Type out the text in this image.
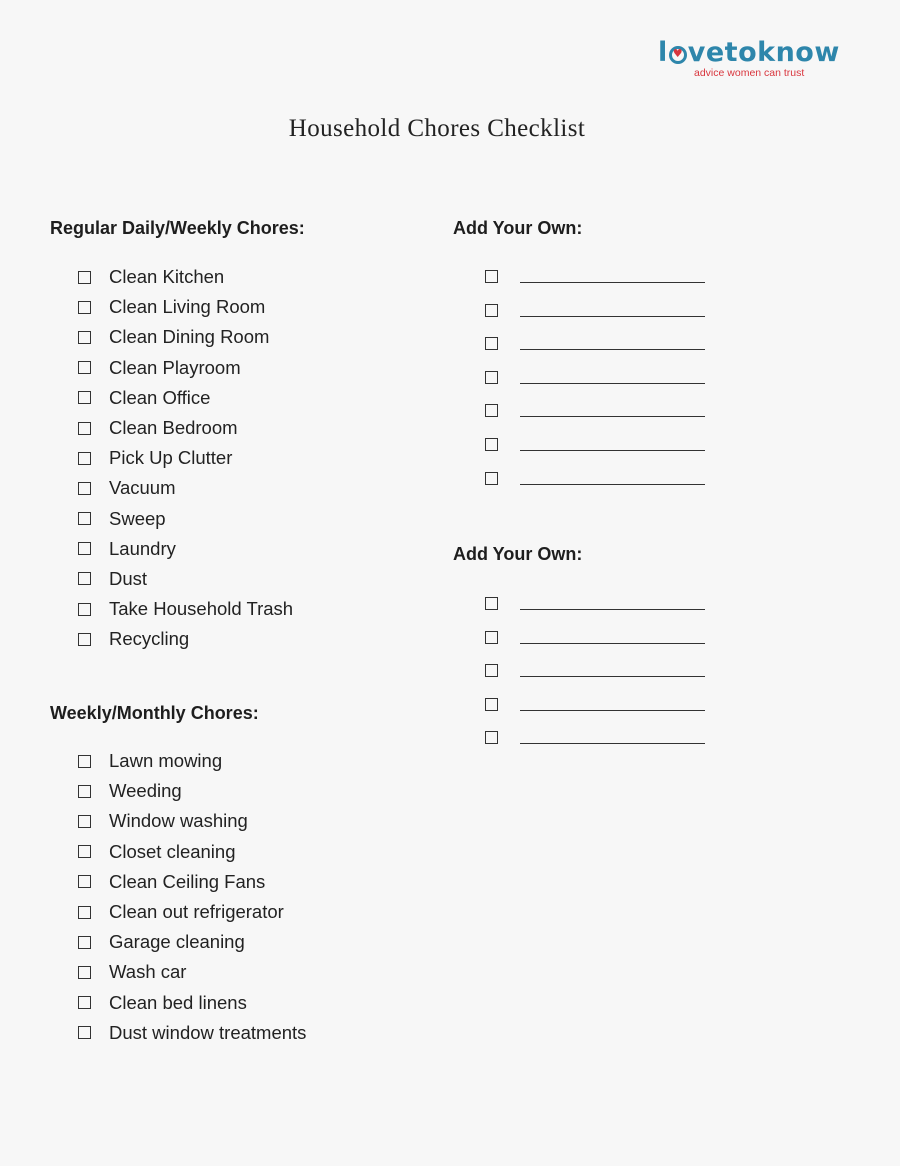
l♥ vetoknow
advice women can trust
Household Chores Checklist
Regular Daily/Weekly Chores:
Clean Kitchen
Clean Living Room
Clean Dining Room
Clean Playroom
Clean Office
Clean Bedroom
Pick Up Clutter
Vacuum
Sweep
Laundry
Dust
Take Household Trash
Recycling
Weekly/Monthly Chores:
Lawn mowing
Weeding
Window washing
Closet cleaning
Clean Ceiling Fans
Clean out refrigerator
Garage cleaning
Wash car
Clean bed linens
Dust window treatments
Add Your Own:
Add Your Own:
